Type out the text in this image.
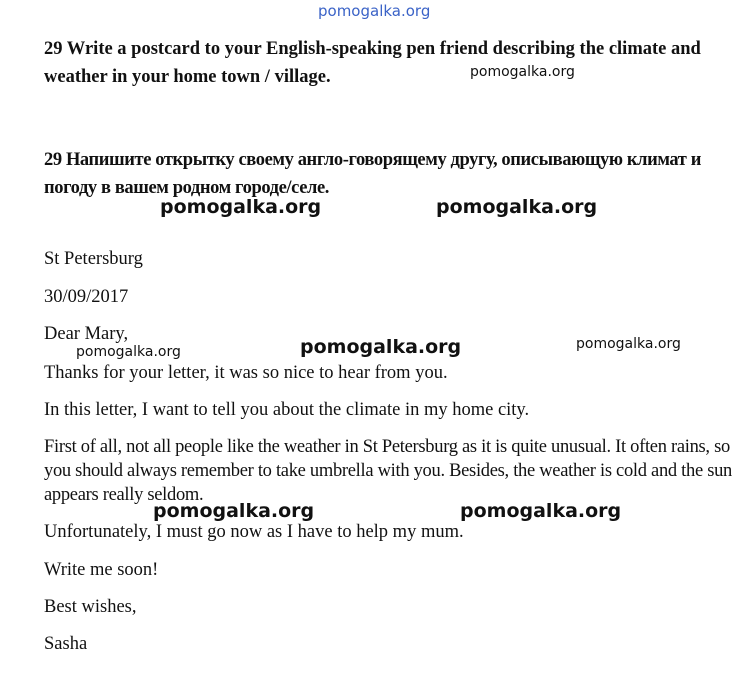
pomogalka.org
29 Write a postcard to your English-speaking pen friend describing the climate and weather in your home town / village.	pomogalka.org
29 Напишите открытку своему англо-говорящему другу, описывающую климат и погоду в вашем родном городе/селе.
pomogalka.org	pomogalka.org
St Petersburg
30/09/2017
Dear Mary,
pomogalka.org	pomogalka.org	pomogalka.org
Thanks for your letter, it was so nice to hear from you.
In this letter, I want to tell you about the climate in my home city.
First of all, not all people like the weather in St Petersburg as it is quite unusual. It often rains, so you should always remember to take umbrella with you. Besides, the weather is cold and the sun appears really seldom.
pomogalka.org	pomogalka.org
Unfortunately, I must go now as I have to help my mum.
Write me soon!
Best wishes,
Sasha
